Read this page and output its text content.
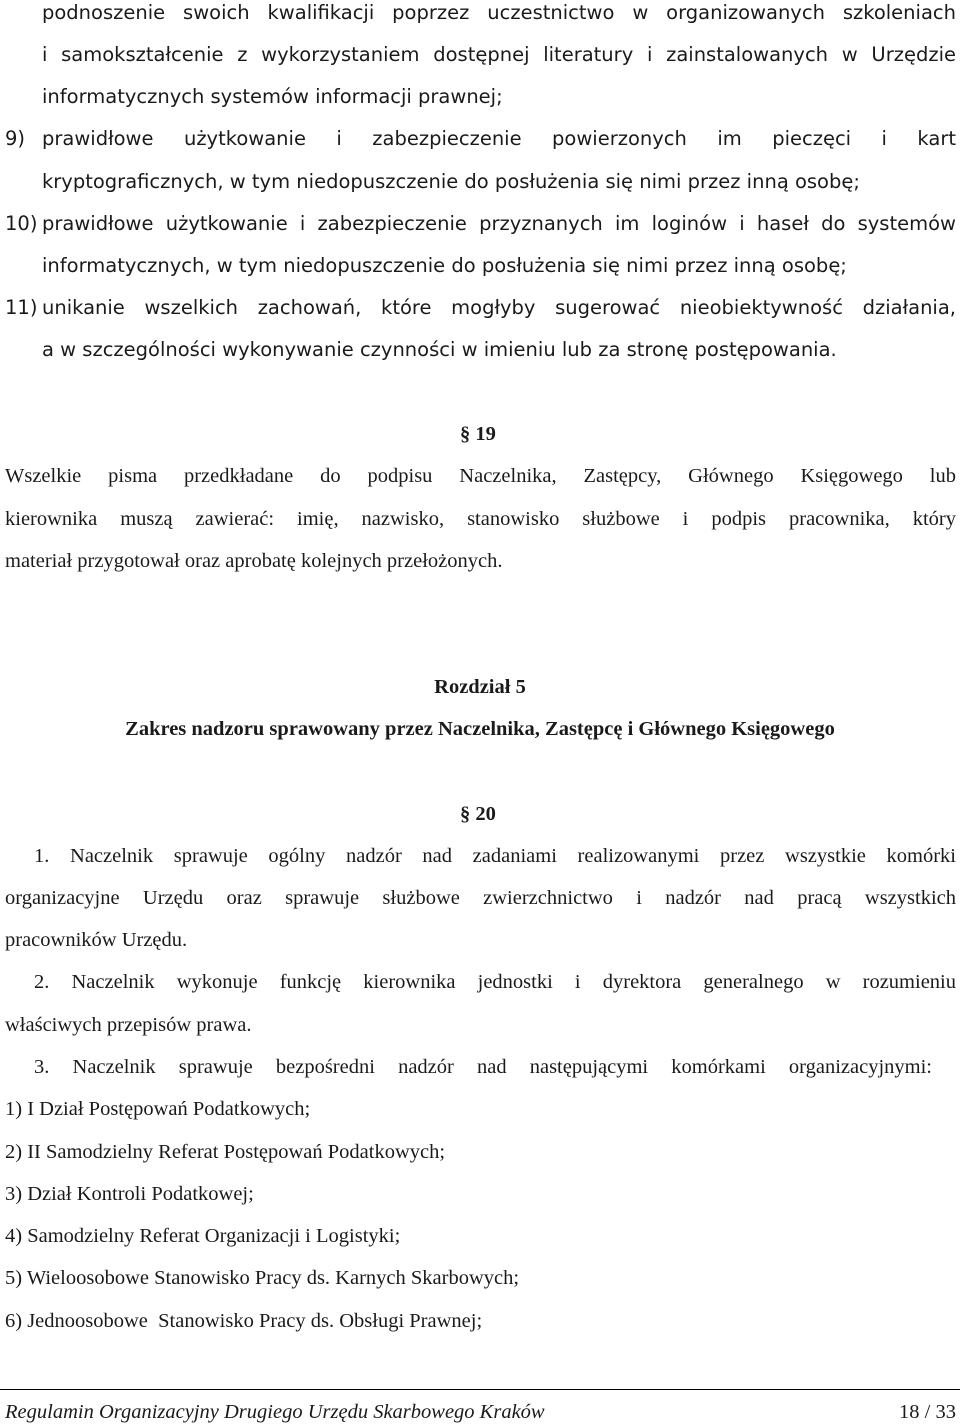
podnoszenie swoich kwalifikacji poprzez uczestnictwo w organizowanych szkoleniach

i samokształcenie z wykorzystaniem dostępnej literatury i zainstalowanych w Urzędzie

informatycznych systemów informacji prawnej;

9) prawidłowe użytkowanie i zabezpieczenie powierzonych im pieczęci i kart

kryptograficznych, w tym niedopuszczenie do posłużenia się nimi przez inną osobę;

10) prawidłowe użytkowanie i zabezpieczenie przyznanych im loginów i haseł do systemów

informatycznych, w tym niedopuszczenie do posłużenia się nimi przez inną osobę;

11) unikanie wszelkich zachowań, które mogłyby sugerować nieobiektywność działania,

a w szczególności wykonywanie czynności w imieniu lub za stronę postępowania.

§ 19

Wszelkie pisma przedkładane do podpisu Naczelnika, Zastępcy, Głównego Księgowego lub

kierownika muszą zawierać: imię, nazwisko, stanowisko służbowe i podpis pracownika, który

materiał przygotował oraz aprobatę kolejnych przełożonych.

Rozdział 5
Zakres nadzoru sprawowany przez Naczelnika, Zastępcę i Głównego Księgowego
§ 20

1. Naczelnik sprawuje ogólny nadzór nad zadaniami realizowanymi przez wszystkie komórki

organizacyjne Urzędu oraz sprawuje służbowe zwierzchnictwo i nadzór nad pracą wszystkich

pracowników Urzędu.

2. Naczelnik wykonuje funkcję kierownika jednostki i dyrektora generalnego w rozumieniu

właściwych przepisów prawa.

3. Naczelnik sprawuje bezpośredni nadzór nad następującymi komórkami organizacyjnymi:

1) I Dział Postępowań Podatkowych;

2) II Samodzielny Referat Postępowań Podatkowych;

3) Dział Kontroli Podatkowej;

4) Samodzielny Referat Organizacji i Logistyki;

5) Wieloosobowe Stanowisko Pracy ds. Karnych Skarbowych;

6) Jednoosobowe  Stanowisko Pracy ds. Obsługi Prawnej;

Regulamin Organizacyjny Drugiego Urzędu Skarbowego Kraków	18 / 33
